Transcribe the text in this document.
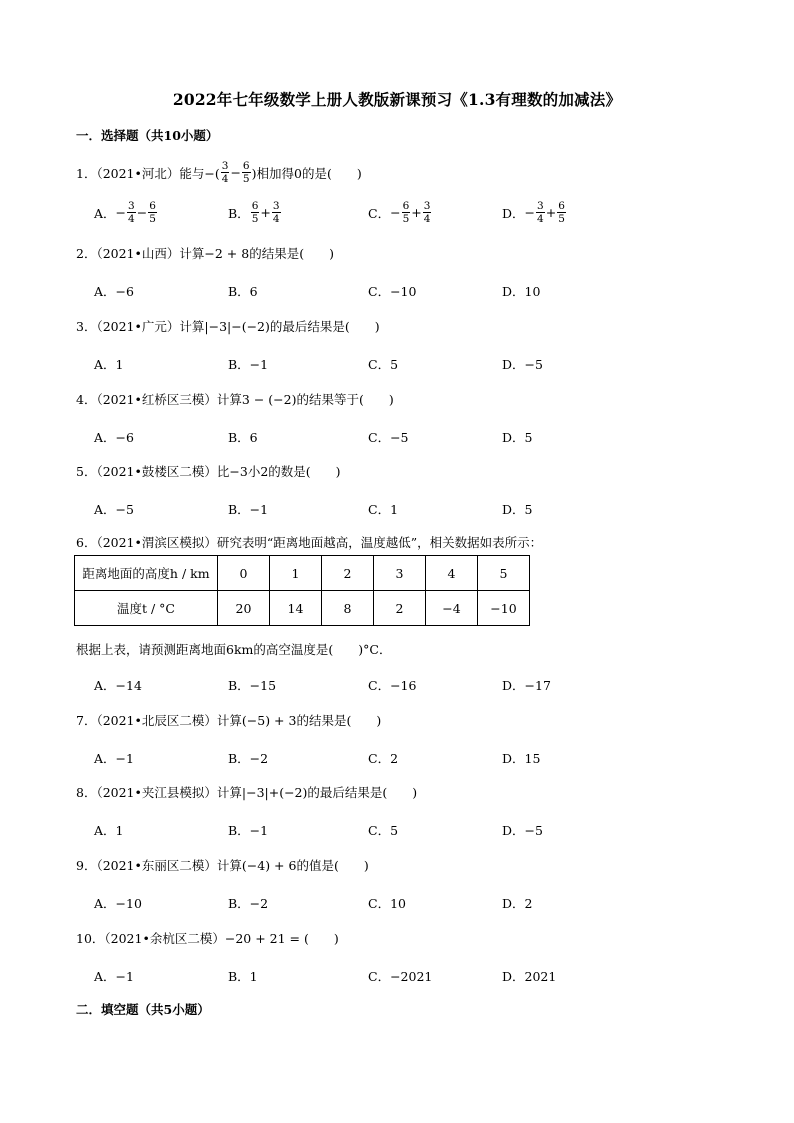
2022年七年级数学上册人教版新课预习《1.3有理数的加减法》
一．选择题（共10小题）
1．（2021•河北）能与−( $\frac{3}{4} - \frac{6}{5}$ )相加得0的是(　　)
A． − $\frac{3}{4} - \frac{6}{5}$	B． $\frac{6}{5} + \frac{3}{4}$	C． − $\frac{6}{5} + \frac{3}{4}$	D． − $\frac{3}{4} + \frac{6}{5}$
2．（2021•山西）计算−2 + 8的结果是(　　)
A．−6	B．6	C．−10	D．10
3．（2021•广元）计算|−3|−(−2)的最后结果是(　　)
A．1	B．−1	C．5	D．−5
4．（2021•红桥区三模）计算3 − (−2)的结果等于(　　)
A．−6	B．6	C．−5	D．5
5．（2021•鼓楼区二模）比−3小2的数是(　　)
A．−5	B．−1	C．1	D．5
6．（2021•渭滨区模拟）研究表明“距离地面越高，温度越低”，相关数据如表所示：
距离地面的高度h / km	0	1	2	3	4	5
温度t / °C	20	14	8	2	−4	−10
根据上表，请预测距离地面6km的高空温度是(　　)°C．
A．−14	B．−15	C．−16	D．−17
7．（2021•北辰区二模）计算(−5) + 3的结果是(　　)
A．−1	B．−2	C．2	D．15
8．（2021•夹江县模拟）计算|−3|+(−2)的最后结果是(　　)
A．1	B．−1	C．5	D．−5
9．（2021•东丽区二模）计算(−4) + 6的值是(　　)
A．−10	B．−2	C．10	D．2
10．（2021•余杭区二模）−20 + 21 = (　　)
A．−1	B．1	C．−2021	D．2021
二．填空题（共5小题）
